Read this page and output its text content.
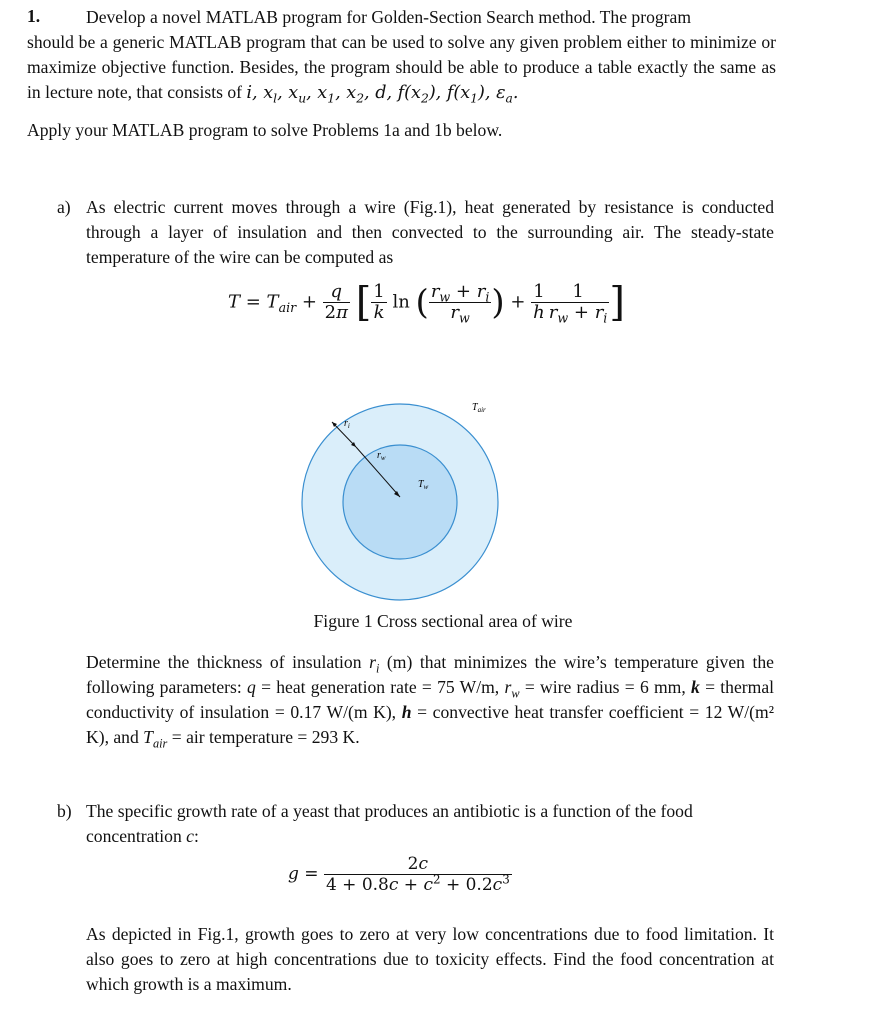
1.	Develop a novel MATLAB program for Golden-Section Search method. The program

should be a generic MATLAB program that can be used to solve any given problem either to minimize or maximize objective function. Besides, the program should be able to produce a table exactly the same as in lecture note, that consists of i, $x_l$, $x_u$, $x_1$, $x_2$, d, $f(x_2)$, $f(x_1)$, $\varepsilon_a$.

Apply your MATLAB program to solve Problems 1a and 1b below.

a) As electric current moves through a wire (Fig.1), heat generated by resistance is conducted through a layer of insulation and then convected to the surrounding air. The steady-state temperature of the wire can be computed as

$T = T_{air} + \frac{q}{2\pi}$ [ $\frac{1}{k}$ ln ( $\frac{r_w + r_i}{r_w}$ ) + $\frac{1}{h} \frac{1}{r_w + r_i}$ ]
$r_i$
$r_w$
$T_w$
$T_{air}$
Figure 1 Cross sectional area of wire

Determine the thickness of insulation $r_i$ (m) that minimizes the wire’s temperature given the following parameters: q = heat generation rate = 75 W/m, $r_w$ = wire radius = 6 mm, k = thermal conductivity of insulation = 0.17 W/(m K), h = convective heat transfer coefficient = 12 W/(m² K), and $T_{air}$ = air temperature = 293 K.

b) The specific growth rate of a yeast that produces an antibiotic is a function of the food concentration c:

$g = \frac{2c}{4 + 0.8c + c^2 + 0.2c^3}$

As depicted in Fig.1, growth goes to zero at very low concentrations due to food limitation. It also goes to zero at high concentrations due to toxicity effects. Find the food concentration at which growth is a maximum.
